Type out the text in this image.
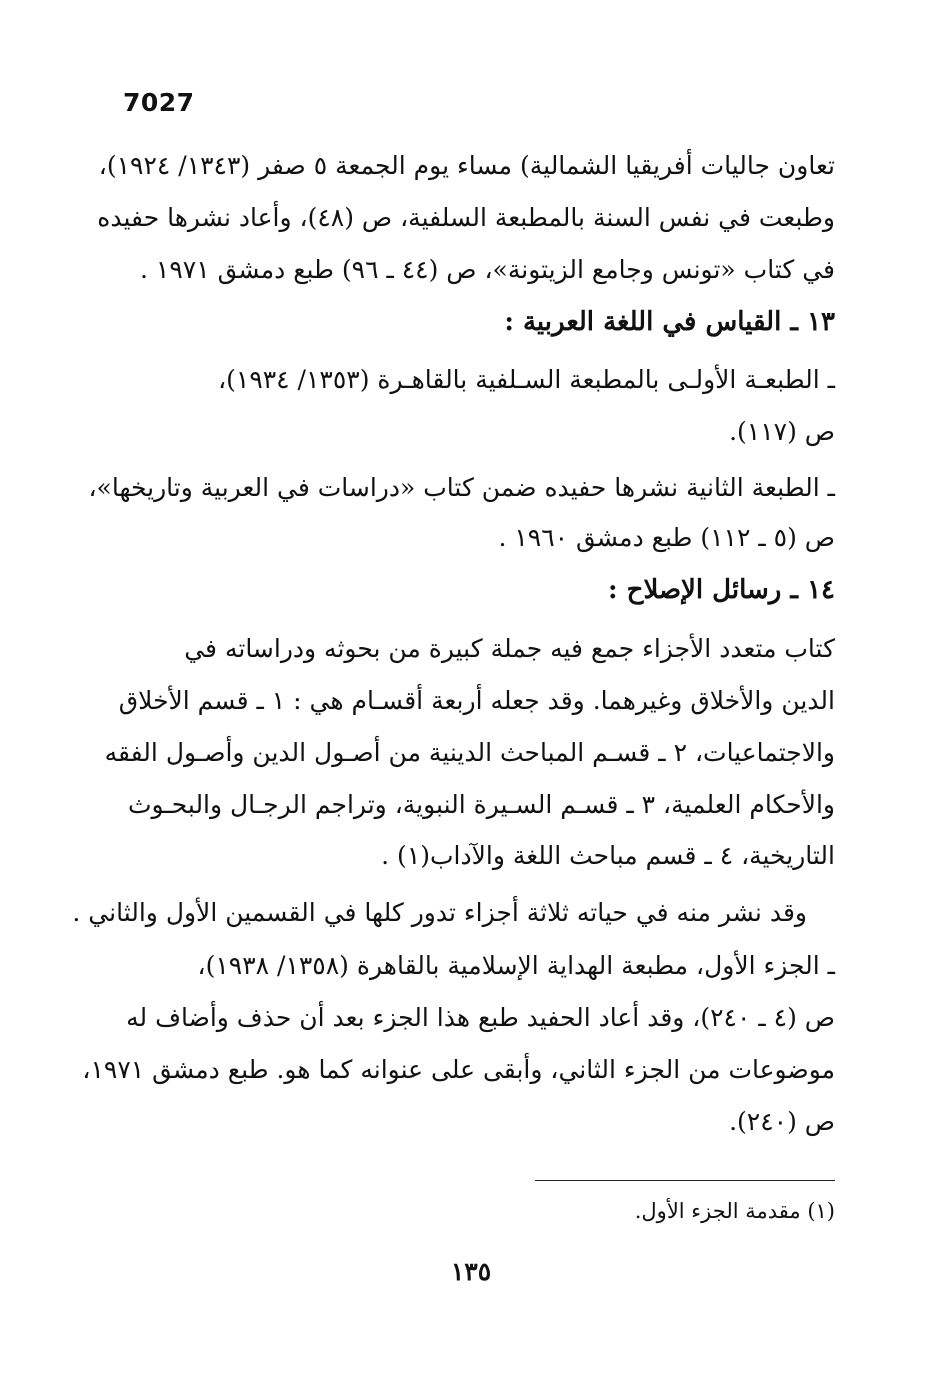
7027
تعاون جاليات أفريقيا الشمالية) مساء يوم الجمعة ٥ صفر (١٣٤٣/ ١٩٢٤)،
وطبعت في نفس السنة بالمطبعة السلفية، ص (٤٨)، وأعاد نشرها حفيده
في كتاب «تونس وجامع الزيتونة»، ص (٤٤ ـ ٩٦) طبع دمشق ١٩٧١ .
١٣ ـ القياس في اللغة العربية :
ـ الطبعـة الأولـى بالمطبعة السـلفية بالقاهـرة (١٣٥٣/ ١٩٣٤)،
ص (١١٧).
ـ الطبعة الثانية نشرها حفيده ضمن كتاب «دراسات في العربية وتاريخها»،
ص (٥ ـ ١١٢) طبع دمشق ١٩٦٠ .
١٤ ـ رسائل الإصلاح :
كتاب متعدد الأجزاء جمع فيه جملة كبيرة من بحوثه ودراساته في
الدين والأخلاق وغيرهما. وقد جعله أربعة أقسـام هي : ١ ـ قسم الأخلاق
والاجتماعيات، ٢ ـ قسـم المباحث الدينية من أصـول الدين وأصـول الفقه
والأحكام العلمية، ٣ ـ قسـم السـيرة النبوية، وتراجم الرجـال والبحـوث
التاريخية، ٤ ـ قسم مباحث اللغة والآداب(١) .
وقد نشر منه في حياته ثلاثة أجزاء تدور كلها في القسمين الأول والثاني .
ـ الجزء الأول، مطبعة الهداية الإسلامية بالقاهرة (١٣٥٨/ ١٩٣٨)،
ص (٤ ـ ٢٤٠)، وقد أعاد الحفيد طبع هذا الجزء بعد أن حذف وأضاف له
موضوعات من الجزء الثاني، وأبقى على عنوانه كما هو. طبع دمشق ١٩٧١،
ص (٢٤٠).
(١) مقدمة الجزء الأول.
١٣٥
